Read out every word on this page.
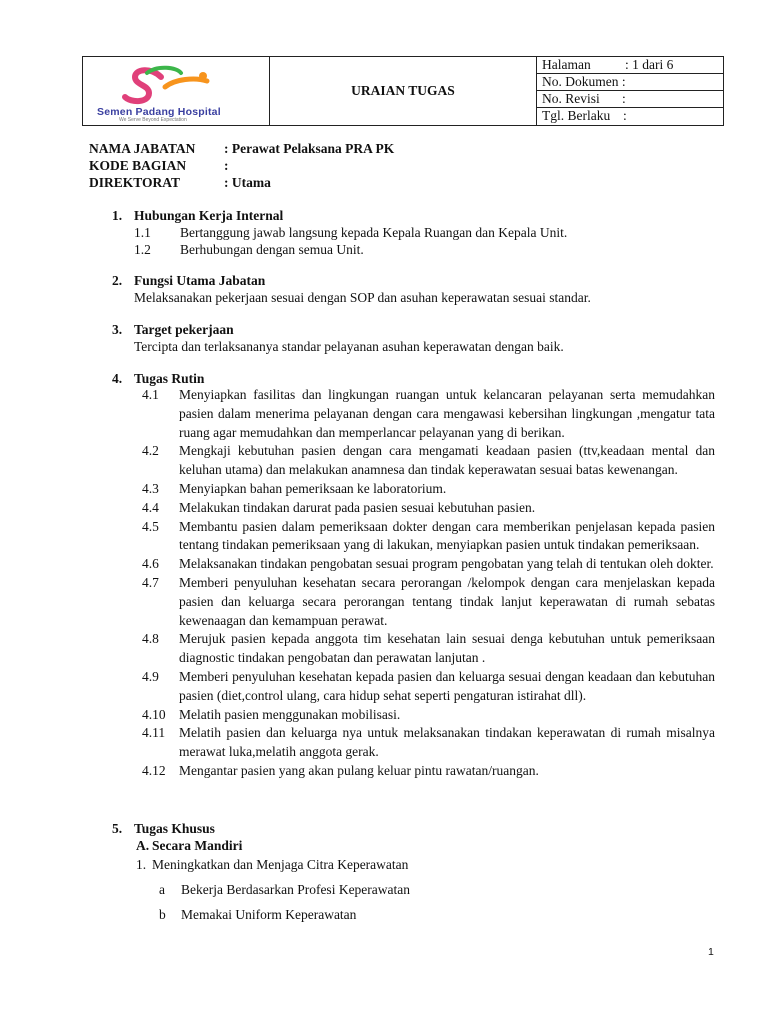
Semen Padang Hospital
We Serve Beyond Expectation
URAIAN TUGAS
Halaman	: 1 dari 6
No. Dokumen :
No. Revisi :
Tgl. Berlaku :
NAMA JABATAN : Perawat Pelaksana PRA PK
KODE BAGIAN	:
DIREKTORAT	: Utama
1. Hubungan Kerja Internal
1.1	Bertanggung jawab langsung kepada Kepala Ruangan dan Kepala Unit.
1.2	Berhubungan dengan semua Unit.
2. Fungsi Utama Jabatan
Melaksanakan pekerjaan sesuai dengan SOP dan asuhan keperawatan sesuai standar.
3. Target pekerjaan
Tercipta dan terlaksananya standar pelayanan asuhan keperawatan dengan baik.
4. Tugas Rutin
4.1	Menyiapkan fasilitas dan lingkungan ruangan untuk kelancaran pelayanan serta memudahkan pasien dalam menerima pelayanan dengan cara mengawasi kebersihan lingkungan ,mengatur tata ruang agar memudahkan dan memperlancar pelayanan yang di berikan.
4.2	Mengkaji kebutuhan pasien dengan cara mengamati keadaan pasien (ttv,keadaan mental dan keluhan utama) dan melakukan anamnesa dan tindak keperawatan sesuai batas kewenangan.
4.3	Menyiapkan bahan pemeriksaan ke laboratorium.
4.4	Melakukan tindakan darurat pada pasien sesuai kebutuhan pasien.
4.5	Membantu pasien dalam pemeriksaan dokter dengan cara memberikan penjelasan kepada pasien tentang tindakan pemeriksaan yang di lakukan, menyiapkan pasien untuk tindakan pemeriksaan.
4.6	Melaksanakan tindakan pengobatan sesuai program pengobatan yang telah di tentukan oleh dokter.
4.7	Memberi penyuluhan kesehatan secara perorangan /kelompok dengan cara menjelaskan kepada pasien dan keluarga secara perorangan tentang tindak lanjut keperawatan di rumah sebatas kewenaagan dan kemampuan perawat.
4.8	Merujuk pasien kepada anggota tim kesehatan lain sesuai denga kebutuhan untuk pemeriksaan diagnostic tindakan pengobatan dan perawatan lanjutan .
4.9	Memberi penyuluhan kesehatan kepada pasien dan keluarga sesuai dengan keadaan dan kebutuhan pasien (diet,control ulang, cara hidup sehat seperti pengaturan istirahat dll).
4.10 Melatih pasien menggunakan mobilisasi.
4.11	Melatih pasien dan keluarga nya untuk melaksanakan tindakan keperawatan di rumah misalnya merawat luka,melatih anggota gerak.
4.12 Mengantar pasien yang akan pulang keluar pintu rawatan/ruangan.
5. Tugas Khusus
A. Secara Mandiri
1. Meningkatkan dan Menjaga Citra Keperawatan
a Bekerja Berdasarkan Profesi Keperawatan
b Memakai Uniform Keperawatan
1
